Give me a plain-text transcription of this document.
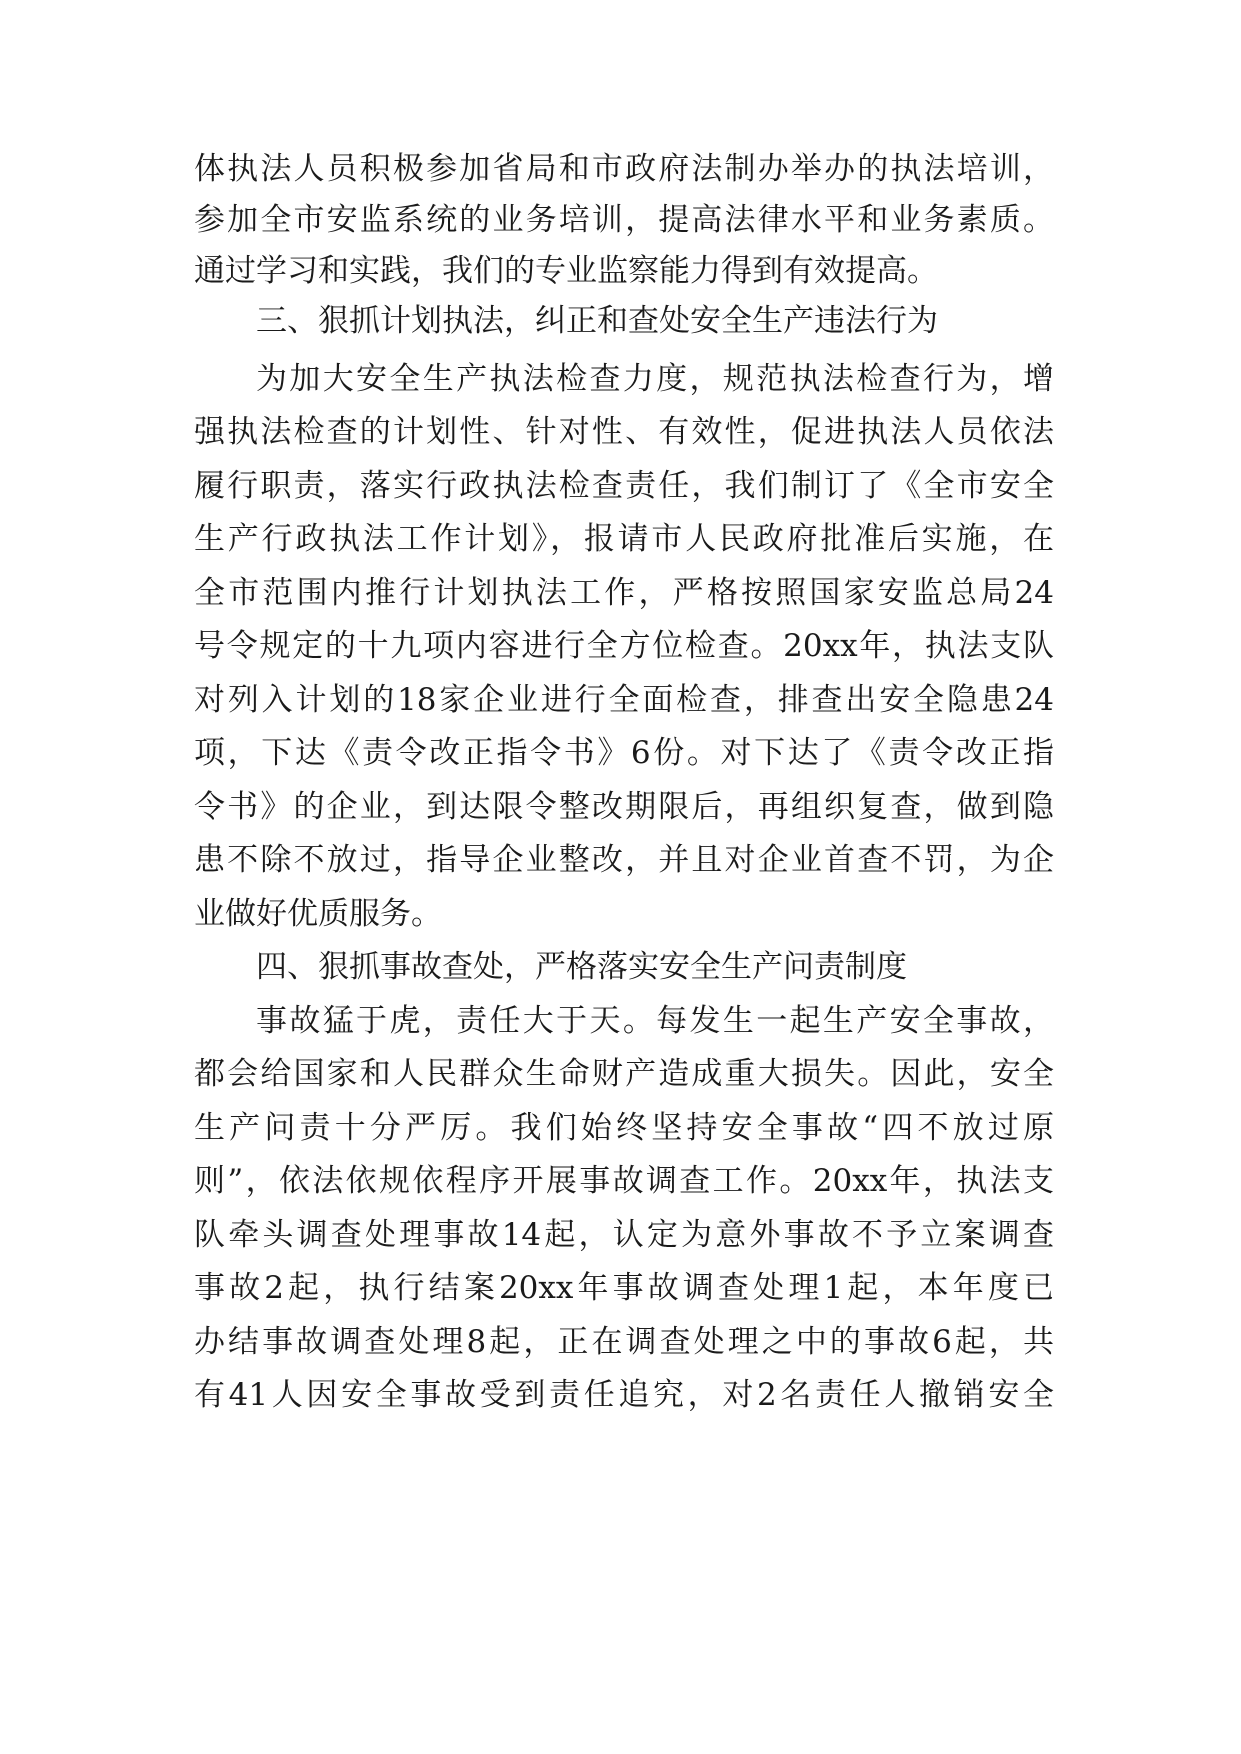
体执法人员积极参加省局和市政府法制办举办的执法培训，
参加全市安监系统的业务培训，提高法律水平和业务素质。
通过学习和实践，我们的专业监察能力得到有效提高。
三、狠抓计划执法，纠正和查处安全生产违法行为
为加大安全生产执法检查力度，规范执法检查行为，增
强执法检查的计划性、针对性、有效性，促进执法人员依法
履行职责，落实行政执法检查责任，我们制订了《全市安全
生产行政执法工作计划》，报请市人民政府批准后实施，在
全市范围内推行计划执法工作，严格按照国家安监总局24
号令规定的十九项内容进行全方位检查。20xx年，执法支队
对列入计划的18家企业进行全面检查，排查出安全隐患24
项，下达《责令改正指令书》6份。对下达了《责令改正指
令书》的企业，到达限令整改期限后，再组织复查，做到隐
患不除不放过，指导企业整改，并且对企业首查不罚，为企
业做好优质服务。
四、狠抓事故查处，严格落实安全生产问责制度
事故猛于虎，责任大于天。每发生一起生产安全事故，
都会给国家和人民群众生命财产造成重大损失。因此，安全
生产问责十分严厉。我们始终坚持安全事故“四不放过原
则”，依法依规依程序开展事故调查工作。20xx年，执法支
队牵头调查处理事故14起，认定为意外事故不予立案调查
事故2起，执行结案20xx年事故调查处理1起，本年度已
办结事故调查处理8起，正在调查处理之中的事故6起，共
有41人因安全事故受到责任追究，对2名责任人撤销安全
